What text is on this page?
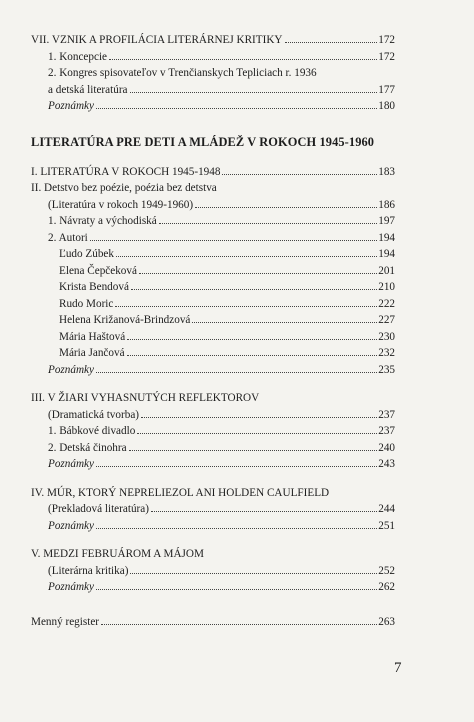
VII. VZNIK A PROFILÁCIA LITERÁRNEJ KRITIKY	172
1. Koncepcie	172
2. Kongres spisovateľov v Trenčianskych Tepliciach r. 1936
a detská literatúra	177
Poznámky	180
LITERATÚRA PRE DETI A MLÁDEŽ V ROKOCH 1945-1960
I. LITERATÚRA V ROKOCH 1945-1948	183
II. Detstvo bez poézie, poézia bez detstva
(Literatúra v rokoch 1949-1960)	186
1. Návraty a východiská	197
2. Autori	194
Ľudo Zúbek	194
Elena Čepčeková	201
Krista Bendová	210
Rudo Moric	222
Helena Križanová-Brindzová	227
Mária Haštová	230
Mária Jančová	232
Poznámky	235
III. V ŽIARI VYHASNUTÝCH REFLEKTOROV
(Dramatická tvorba)	237
1. Bábkové divadlo	237
2. Detská činohra	240
Poznámky	243
IV. MÚR, KTORÝ NEPRELIEZOL ANI HOLDEN CAULFIELD
(Prekladová literatúra)	244
Poznámky	251
V. MEDZI FEBRUÁROM A MÁJOM
(Literárna kritika)	252
Poznámky	262
Menný register	263
7
